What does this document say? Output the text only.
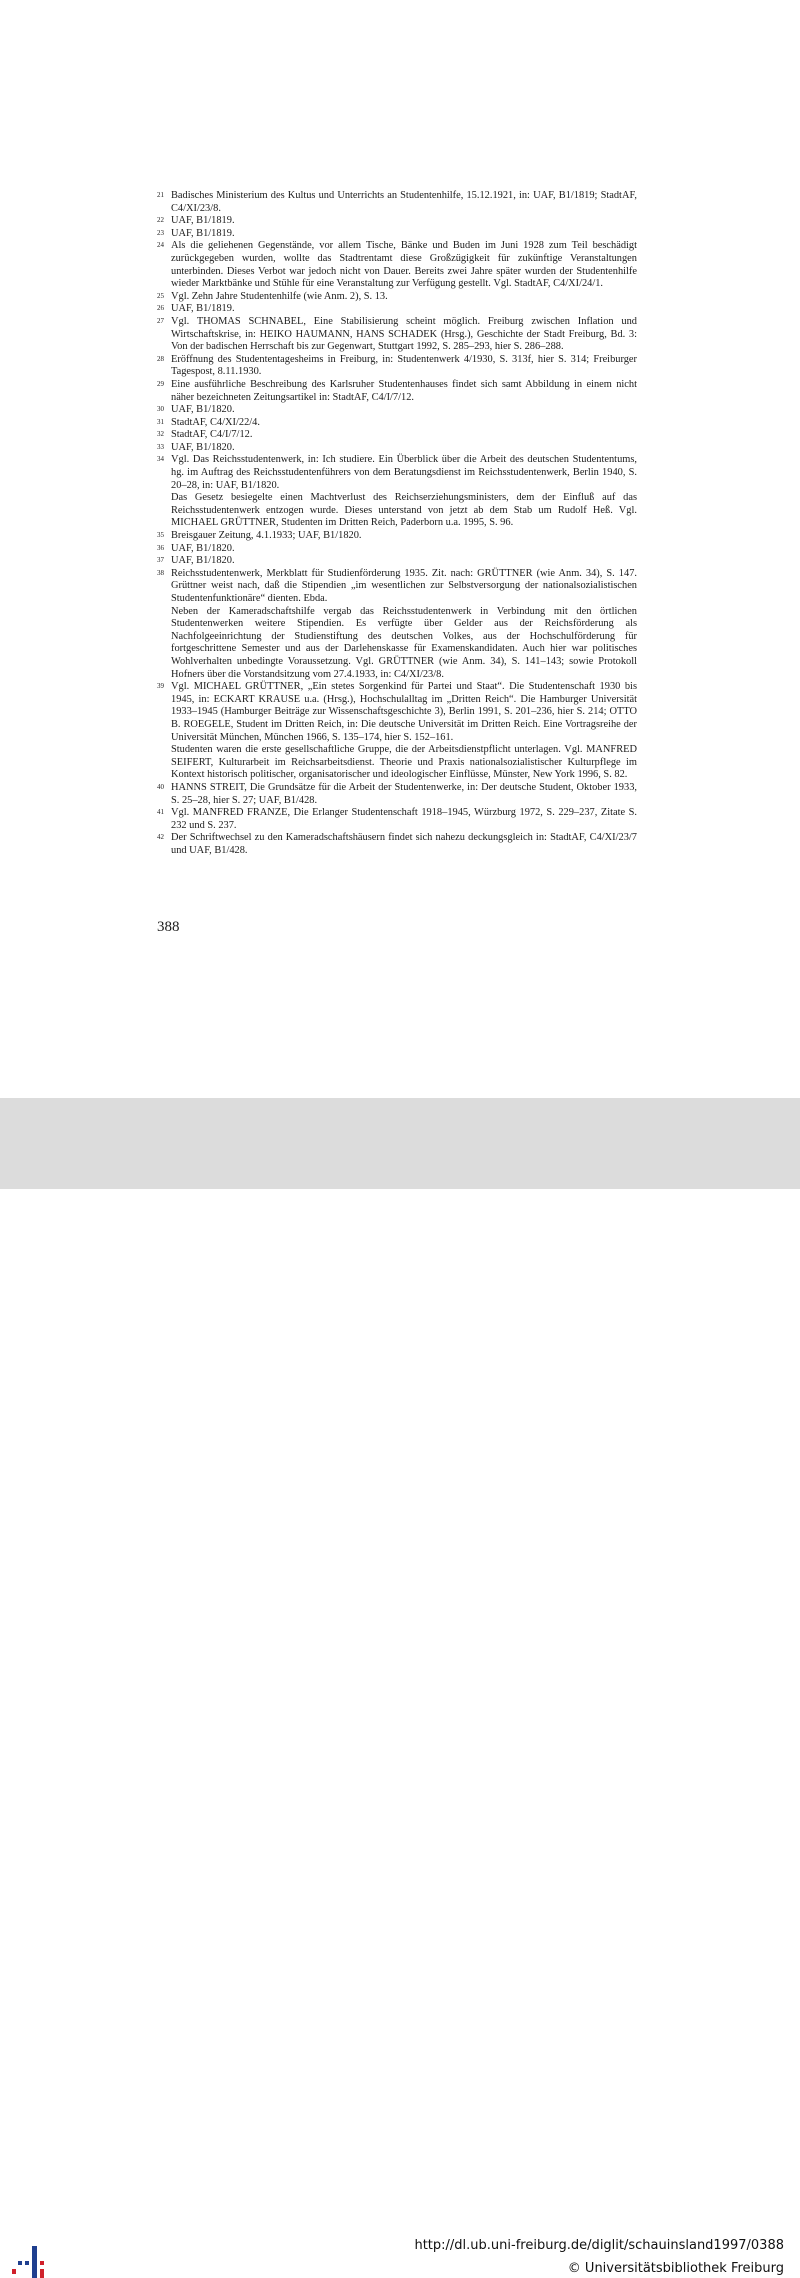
21 Badisches Ministerium des Kultus und Unterrichts an Studentenhilfe, 15.12.1921, in: UAF, B1/1819; StadtAF, C4/XI/23/8.

22 UAF, B1/1819.

23 UAF, B1/1819.

24 Als die geliehenen Gegenstände, vor allem Tische, Bänke und Buden im Juni 1928 zum Teil beschädigt zurückgegeben wurden, wollte das Stadtrentamt diese Großzügigkeit für zukünftige Veranstaltungen unterbinden. Dieses Verbot war jedoch nicht von Dauer. Bereits zwei Jahre später wurden der Studentenhilfe wieder Marktbänke und Stühle für eine Veranstaltung zur Verfügung gestellt. Vgl. StadtAF, C4/XI/24/1.

25 Vgl. Zehn Jahre Studentenhilfe (wie Anm. 2), S. 13.

26 UAF, B1/1819.

27 Vgl. THOMAS SCHNABEL, Eine Stabilisierung scheint möglich. Freiburg zwischen Inflation und Wirtschaftskrise, in: HEIKO HAUMANN, HANS SCHADEK (Hrsg.), Geschichte der Stadt Freiburg, Bd. 3: Von der badischen Herrschaft bis zur Gegenwart, Stuttgart 1992, S. 285–293, hier S. 286–288.

28 Eröffnung des Studententagesheims in Freiburg, in: Studentenwerk 4/1930, S. 313f, hier S. 314; Freiburger Tagespost, 8.11.1930.

29 Eine ausführliche Beschreibung des Karlsruher Studentenhauses findet sich samt Abbildung in einem nicht näher bezeichneten Zeitungsartikel in: StadtAF, C4/I/7/12.

30 UAF, B1/1820.

31 StadtAF, C4/XI/22/4.

32 StadtAF, C4/I/7/12.

33 UAF, B1/1820.

34 Vgl. Das Reichsstudentenwerk, in: Ich studiere. Ein Überblick über die Arbeit des deutschen Studententums, hg. im Auftrag des Reichsstudentenführers von dem Beratungsdienst im Reichsstudentenwerk, Berlin 1940, S. 20–28, in: UAF, B1/1820.

Das Gesetz besiegelte einen Machtverlust des Reichserziehungsministers, dem der Einfluß auf das Reichsstudentenwerk entzogen wurde. Dieses unterstand von jetzt ab dem Stab um Rudolf Heß. Vgl. MICHAEL GRÜTTNER, Studenten im Dritten Reich, Paderborn u.a. 1995, S. 96.

35 Breisgauer Zeitung, 4.1.1933; UAF, B1/1820.

36 UAF, B1/1820.

37 UAF, B1/1820.

38 Reichsstudentenwerk, Merkblatt für Studienförderung 1935. Zit. nach: GRÜTTNER (wie Anm. 34), S. 147. Grüttner weist nach, daß die Stipendien „im wesentlichen zur Selbstversorgung der nationalsozialistischen Studentenfunktionäre“ dienten. Ebda.

Neben der Kameradschaftshilfe vergab das Reichsstudentenwerk in Verbindung mit den örtlichen Studentenwerken weitere Stipendien. Es verfügte über Gelder aus der Reichsförderung als Nachfolgeeinrichtung der Studienstiftung des deutschen Volkes, aus der Hochschulförderung für fortgeschrittene Semester und aus der Darlehenskasse für Examenskandidaten. Auch hier war politisches Wohlverhalten unbedingte Voraussetzung. Vgl. GRÜTTNER (wie Anm. 34), S. 141–143; sowie Protokoll Hofners über die Vorstandsitzung vom 27.4.1933, in: C4/XI/23/8.

39 Vgl. MICHAEL GRÜTTNER, „Ein stetes Sorgenkind für Partei und Staat“. Die Studentenschaft 1930 bis 1945, in: ECKART KRAUSE u.a. (Hrsg.), Hochschulalltag im „Dritten Reich“. Die Hamburger Universität 1933–1945 (Hamburger Beiträge zur Wissenschaftsgeschichte 3), Berlin 1991, S. 201–236, hier S. 214; OTTO B. ROEGELE, Student im Dritten Reich, in: Die deutsche Universität im Dritten Reich. Eine Vortragsreihe der Universität München, München 1966, S. 135–174, hier S. 152–161.

Studenten waren die erste gesellschaftliche Gruppe, die der Arbeitsdienstpflicht unterlagen. Vgl. MANFRED SEIFERT, Kulturarbeit im Reichsarbeitsdienst. Theorie und Praxis nationalsozialistischer Kulturpflege im Kontext historisch politischer, organisatorischer und ideologischer Einflüsse, Münster, New York 1996, S. 82.

40 HANNS STREIT, Die Grundsätze für die Arbeit der Studentenwerke, in: Der deutsche Student, Oktober 1933, S. 25–28, hier S. 27; UAF, B1/428.

41 Vgl. MANFRED FRANZE, Die Erlanger Studentenschaft 1918–1945, Würzburg 1972, S. 229–237, Zitate S. 232 und S. 237.

42 Der Schriftwechsel zu den Kameradschaftshäusern findet sich nahezu deckungsgleich in: StadtAF, C4/XI/23/7 und UAF, B1/428.

388
http://dl.ub.uni-freiburg.de/diglit/schauinsland1997/0388
© Universitätsbibliothek Freiburg
